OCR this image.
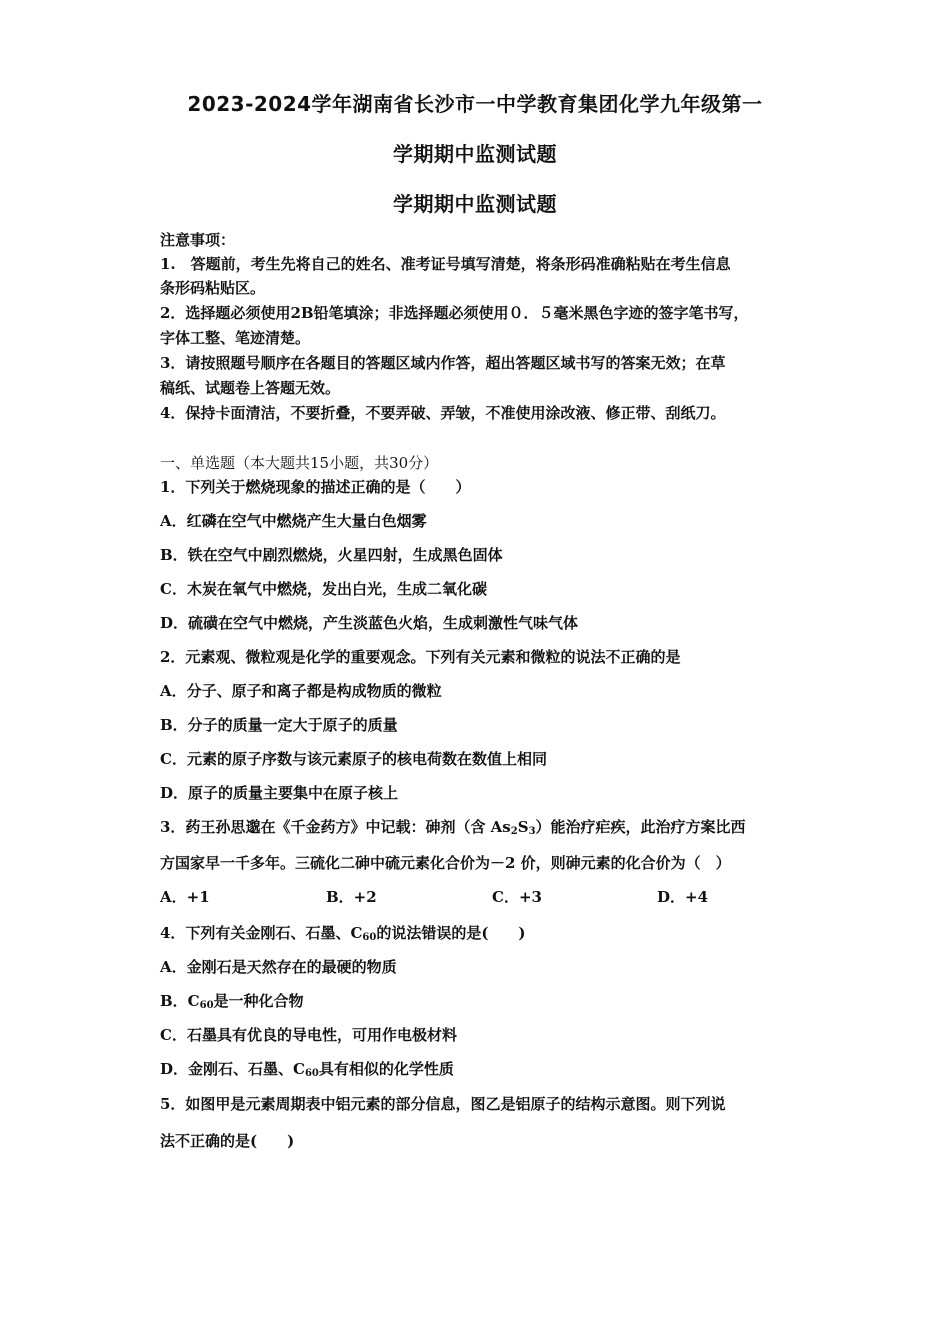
2023-2024学年湖南省长沙市一中学教育集团化学九年级第一
学期期中监测试题
学期期中监测试题
注意事项：
1.　答题前，考生先将自己的姓名、准考证号填写清楚，将条形码准确粘贴在考生信息
条形码粘贴区。
2．选择题必须使用2B铅笔填涂；非选择题必须使用０．５毫米黑色字迹的签字笔书写，
字体工整、笔迹清楚。
3．请按照题号顺序在各题目的答题区域内作答，超出答题区域书写的答案无效；在草
稿纸、试题卷上答题无效。
4．保持卡面清洁，不要折叠，不要弄破、弄皱，不准使用涂改液、修正带、刮纸刀。
一、单选题（本大题共15小题，共30分）
1．下列关于燃烧现象的描述正确的是（　　）
A．红磷在空气中燃烧产生大量白色烟雾
B．铁在空气中剧烈燃烧，火星四射，生成黑色固体
C．木炭在氧气中燃烧，发出白光，生成二氧化碳
D．硫磺在空气中燃烧，产生淡蓝色火焰，生成刺激性气味气体
2．元素观、微粒观是化学的重要观念。下列有关元素和微粒的说法不正确的是
A．分子、原子和离子都是构成物质的微粒
B．分子的质量一定大于原子的质量
C．元素的原子序数与该元素原子的核电荷数在数值上相同
D．原子的质量主要集中在原子核上
3．药王孙思邈在《千金药方》中记载：砷剂（含 $As_2S_3$）能治疗疟疾，此治疗方案比西
方国家早一千多年。三硫化二砷中硫元素化合价为－2 价，则砷元素的化合价为（　）
A．+1	B．+2	C．+3	D．+4
4．下列有关金刚石、石墨、$C_{60}$的说法错误的是(　　)
A．金刚石是天然存在的最硬的物质
B．$C_{60}$是一种化合物
C．石墨具有优良的导电性，可用作电极材料
D．金刚石、石墨、$C_{60}$具有相似的化学性质
5．如图甲是元素周期表中铝元素的部分信息，图乙是铝原子的结构示意图。则下列说
法不正确的是(　　)
